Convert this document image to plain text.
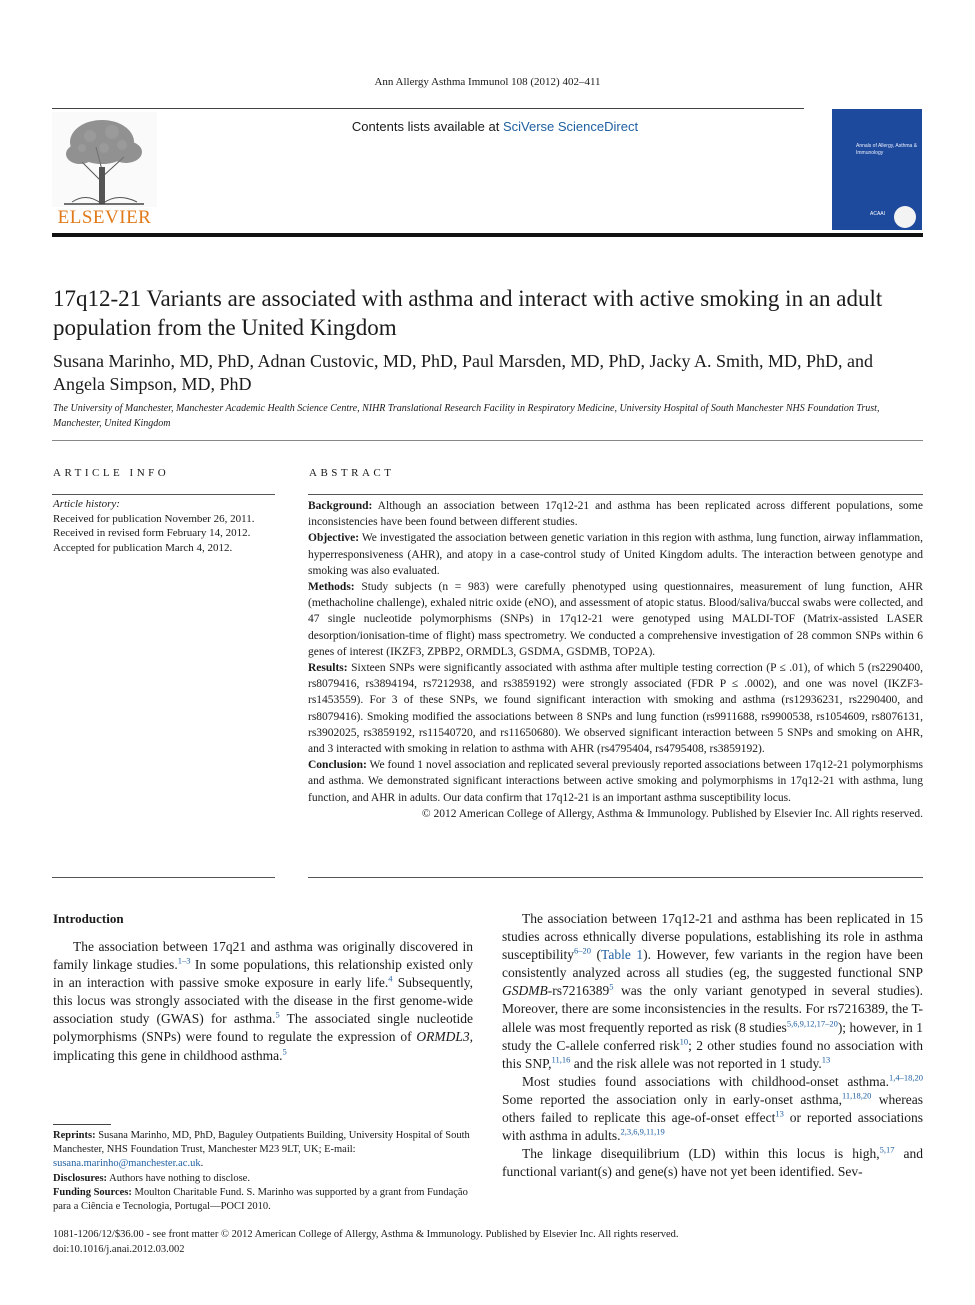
Ann Allergy Asthma Immunol 108 (2012) 402–411
Contents lists available at SciVerse ScienceDirect
ELSEVIER
Annals of Allergy, Asthma & Immunology
ACAAI
17q12-21 Variants are associated with asthma and interact with active smoking in an adult population from the United Kingdom
Susana Marinho, MD, PhD, Adnan Custovic, MD, PhD, Paul Marsden, MD, PhD, Jacky A. Smith, MD, PhD, and Angela Simpson, MD, PhD
The University of Manchester, Manchester Academic Health Science Centre, NIHR Translational Research Facility in Respiratory Medicine, University Hospital of South Manchester NHS Foundation Trust, Manchester, United Kingdom
ARTICLE INFO
Article history:
Received for publication November 26, 2011.
Received in revised form February 14, 2012.
Accepted for publication March 4, 2012.
ABSTRACT

Background: Although an association between 17q12-21 and asthma has been replicated across different populations, some inconsistencies have been found between different studies.

Objective: We investigated the association between genetic variation in this region with asthma, lung function, airway inflammation, hyperresponsiveness (AHR), and atopy in a case-control study of United Kingdom adults. The interaction between genotype and smoking was also evaluated.

Methods: Study subjects (n = 983) were carefully phenotyped using questionnaires, measurement of lung function, AHR (methacholine challenge), exhaled nitric oxide (eNO), and assessment of atopic status. Blood/saliva/buccal swabs were collected, and 47 single nucleotide polymorphisms (SNPs) in 17q12-21 were genotyped using MALDI-TOF (Matrix-assisted LASER desorption/ionisation-time of flight) mass spectrometry. We conducted a comprehensive investigation of 28 common SNPs within 6 genes of interest (IKZF3, ZPBP2, ORMDL3, GSDMA, GSDMB, TOP2A).

Results: Sixteen SNPs were significantly associated with asthma after multiple testing correction (P ≤ .01), of which 5 (rs2290400, rs8079416, rs3894194, rs7212938, and rs3859192) were strongly associated (FDR P ≤ .0002), and one was novel (IKZF3-rs1453559). For 3 of these SNPs, we found significant interaction with smoking and asthma (rs12936231, rs2290400, and rs8079416). Smoking modified the associations between 8 SNPs and lung function (rs9911688, rs9900538, rs1054609, rs8076131, rs3902025, rs3859192, rs11540720, and rs11650680). We observed significant interaction between 5 SNPs and smoking on AHR, and 3 interacted with smoking in relation to asthma with AHR (rs4795404, rs4795408, rs3859192).

Conclusion: We found 1 novel association and replicated several previously reported associations between 17q12-21 polymorphisms and asthma. We demonstrated significant interactions between active smoking and polymorphisms in 17q12-21 with asthma, lung function, and AHR in adults. Our data confirm that 17q12-21 is an important asthma susceptibility locus.

© 2012 American College of Allergy, Asthma & Immunology. Published by Elsevier Inc. All rights reserved.

Introduction

The association between 17q21 and asthma was originally discovered in family linkage studies.$^{1-3}$ In some populations, this relationship existed only in an interaction with passive smoke exposure in early life.$^4$ Subsequently, this locus was strongly associated with the disease in the first genome-wide association study (GWAS) for asthma.$^5$ The associated single nucleotide polymorphisms (SNPs) were found to regulate the expression of ORMDL3, implicating this gene in childhood asthma.$^5$

The association between 17q12-21 and asthma has been replicated in 15 studies across ethnically diverse populations, establishing its role in asthma susceptibility$^{6-20}$ (Table 1). However, few variants in the region have been consistently analyzed across all studies (eg, the suggested functional SNP GSDMB-rs7216389$^5$ was the only variant genotyped in several studies). Moreover, there are some inconsistencies in the results. For rs7216389, the T-allele was most frequently reported as risk (8 studies$^{5,6,9,12,17-20}$); however, in 1 study the C-allele conferred risk$^{10}$; 2 other studies found no association with this SNP,$^{11,16}$ and the risk allele was not reported in 1 study.$^{13}$

Most studies found associations with childhood-onset asthma.$^{1,4-18,20}$ Some reported the association only in early-onset asthma,$^{11,18,20}$ whereas others failed to replicate this age-of-onset effect$^{13}$ or reported associations with asthma in adults.$^{2,3,6,9,11,19}$

The linkage disequilibrium (LD) within this locus is high,$^{5,17}$ and functional variant(s) and gene(s) have not yet been identified. Sev-

Reprints: Susana Marinho, MD, PhD, Baguley Outpatients Building, University Hospital of South Manchester, NHS Foundation Trust, Manchester M23 9LT, UK; E-mail: susana.marinho@manchester.ac.uk.

Disclosures: Authors have nothing to disclose.

Funding Sources: Moulton Charitable Fund. S. Marinho was supported by a grant from Fundação para a Ciência e Tecnologia, Portugal—POCI 2010.

1081-1206/12/$36.00 - see front matter © 2012 American College of Allergy, Asthma & Immunology. Published by Elsevier Inc. All rights reserved.
doi:10.1016/j.anai.2012.03.002
